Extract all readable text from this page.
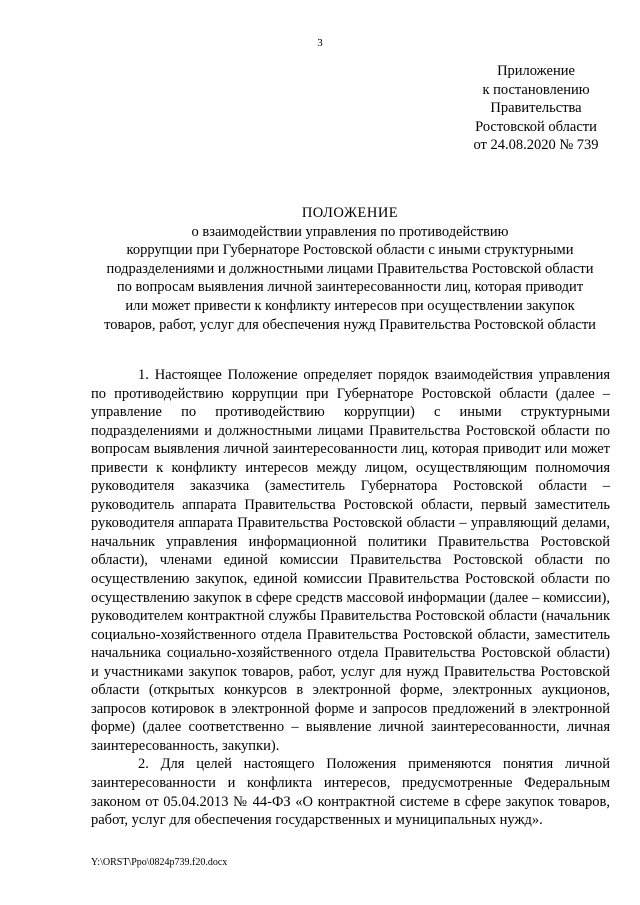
3
Приложение
к постановлению
Правительства
Ростовской области
от 24.08.2020 № 739
ПОЛОЖЕНИЕ
о взаимодействии управления по противодействию
коррупции при Губернаторе Ростовской области с иными структурными
подразделениями и должностными лицами Правительства Ростовской области
по вопросам выявления личной заинтересованности лиц, которая приводит
или может привести к конфликту интересов при осуществлении закупок
товаров, работ, услуг для обеспечения нужд Правительства Ростовской области

1. Настоящее Положение определяет порядок взаимодействия управления по противодействию коррупции при Губернаторе Ростовской области (далее – управление по противодействию коррупции) с иными структурными подразделениями и должностными лицами Правительства Ростовской области по вопросам выявления личной заинтересованности лиц, которая приводит или может привести к конфликту интересов между лицом, осуществляющим полномочия руководителя заказчика (заместитель Губернатора Ростовской области – руководитель аппарата Правительства Ростовской области, первый заместитель руководителя аппарата Правительства Ростовской области – управляющий делами, начальник управления информационной политики Правительства Ростовской области), членами единой комиссии Правительства Ростовской области по осуществлению закупок, единой комиссии Правительства Ростовской области по осуществлению закупок в сфере средств массовой информации (далее – комиссии), руководителем контрактной службы Правительства Ростовской области (начальник социально-хозяйственного отдела Правительства Ростовской области, заместитель начальника социально-хозяйственного отдела Правительства Ростовской области) и участниками закупок товаров, работ, услуг для нужд Правительства Ростовской области (открытых конкурсов в электронной форме, электронных аукционов, запросов котировок в электронной форме и запросов предложений в электронной форме) (далее соответственно – выявление личной заинтересованности, личная заинтересованность, закупки).

2. Для целей настоящего Положения применяются понятия личной заинтересованности и конфликта интересов, предусмотренные Федеральным законом от 05.04.2013 № 44-ФЗ «О контрактной системе в сфере закупок товаров, работ, услуг для обеспечения государственных и муниципальных нужд».

Y:\ORST\Ppo\0824p739.f20.docx
